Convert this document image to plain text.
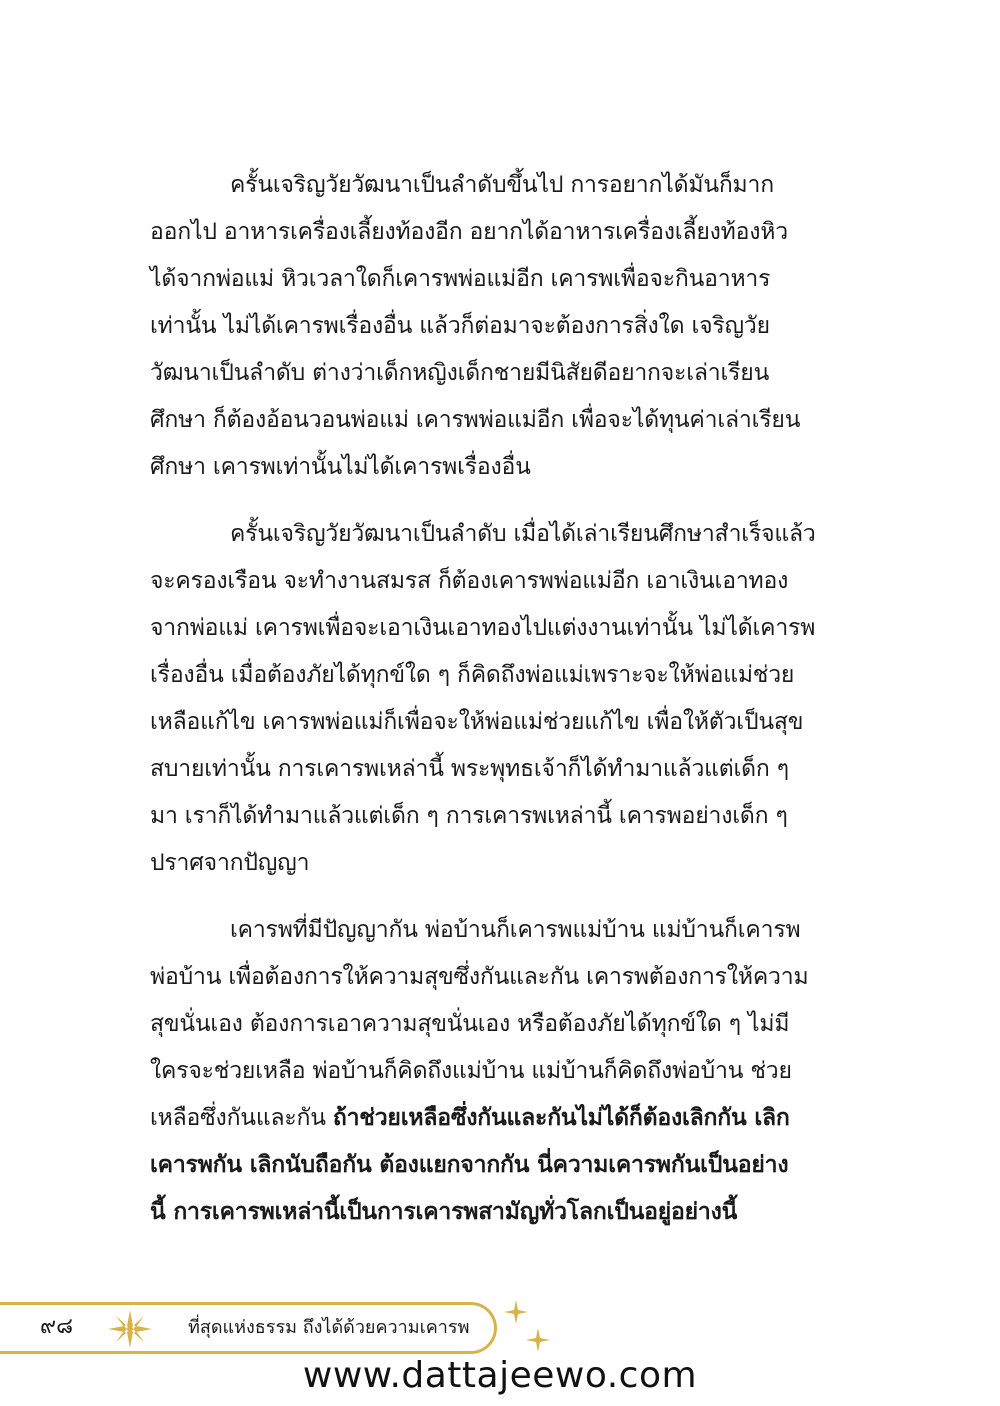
ครั้นเจริญวัยวัฒนาเป็นลำดับขึ้นไป การอยากได้มันก็มาก
ออกไป อาหารเครื่องเลี้ยงท้องอีก อยากได้อาหารเครื่องเลี้ยงท้องหิว
ได้จากพ่อแม่ หิวเวลาใดก็เคารพพ่อแม่อีก เคารพเพื่อจะกินอาหาร
เท่านั้น ไม่ได้เคารพเรื่องอื่น แล้วก็ต่อมาจะต้องการสิ่งใด เจริญวัย
วัฒนาเป็นลำดับ ต่างว่าเด็กหญิงเด็กชายมีนิสัยดีอยากจะเล่าเรียน
ศึกษา ก็ต้องอ้อนวอนพ่อแม่ เคารพพ่อแม่อีก เพื่อจะได้ทุนค่าเล่าเรียน
ศึกษา เคารพเท่านั้นไม่ได้เคารพเรื่องอื่น
ครั้นเจริญวัยวัฒนาเป็นลำดับ เมื่อได้เล่าเรียนศึกษาสำเร็จแล้ว
จะครองเรือน จะทำงานสมรส ก็ต้องเคารพพ่อแม่อีก เอาเงินเอาทอง
จากพ่อแม่ เคารพเพื่อจะเอาเงินเอาทองไปแต่งงานเท่านั้น ไม่ได้เคารพ
เรื่องอื่น เมื่อต้องภัยได้ทุกข์ใด ๆ ก็คิดถึงพ่อแม่เพราะจะให้พ่อแม่ช่วย
เหลือแก้ไข เคารพพ่อแม่ก็เพื่อจะให้พ่อแม่ช่วยแก้ไข เพื่อให้ตัวเป็นสุข
สบายเท่านั้น การเคารพเหล่านี้ พระพุทธเจ้าก็ได้ทำมาแล้วแต่เด็ก ๆ
มา เราก็ได้ทำมาแล้วแต่เด็ก ๆ การเคารพเหล่านี้ เคารพอย่างเด็ก ๆ
ปราศจากปัญญา
เคารพที่มีปัญญากัน พ่อบ้านก็เคารพแม่บ้าน แม่บ้านก็เคารพ
พ่อบ้าน เพื่อต้องการให้ความสุขซึ่งกันและกัน เคารพต้องการให้ความ
สุขนั่นเอง ต้องการเอาความสุขนั่นเอง หรือต้องภัยได้ทุกข์ใด ๆ ไม่มี
ใครจะช่วยเหลือ พ่อบ้านก็คิดถึงแม่บ้าน แม่บ้านก็คิดถึงพ่อบ้าน ช่วย
เหลือซึ่งกันและกัน ถ้าช่วยเหลือซึ่งกันและกันไม่ได้ก็ต้องเลิกกัน เลิก
เคารพกัน เลิกนับถือกัน ต้องแยกจากกัน นี่ความเคารพกันเป็นอย่าง
นี้ การเคารพเหล่านี้เป็นการเคารพสามัญทั่วโลกเป็นอยู่อย่างนี้
๙๘	ที่สุดแห่งธรรม ถึงได้ด้วยความเคารพ
www.dattajeewo.com
